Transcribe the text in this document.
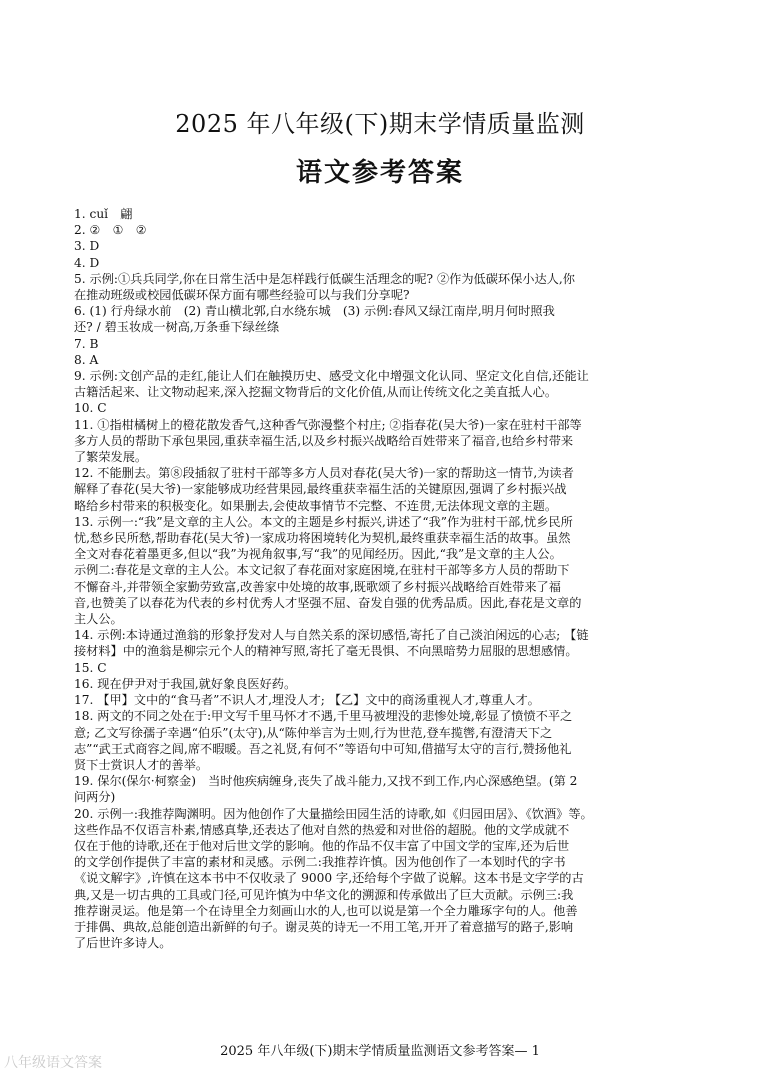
2025 年八年级(下)期末学情质量监测
语文参考答案
1. cuǐ　翩
2. ②　①　②
3. D
4. D
5. 示例:①兵兵同学,你在日常生活中是怎样践行低碳生活理念的呢? ②作为低碳环保小达人,你
在推动班级或校园低碳环保方面有哪些经验可以与我们分享呢?
6. (1) 行舟绿水前　(2) 青山横北郭,白水绕东城　(3) 示例:春风又绿江南岸,明月何时照我
还? / 碧玉妆成一树高,万条垂下绿丝绦
7. B
8. A
9. 示例:文创产品的走红,能让人们在触摸历史、感受文化中增强文化认同、坚定文化自信,还能让
古籍活起来、让文物动起来,深入挖掘文物背后的文化价值,从而让传统文化之美直抵人心。
10. C
11. ①指柑橘树上的橙花散发香气,这种香气弥漫整个村庄; ②指春花(吴大爷)一家在驻村干部等
多方人员的帮助下承包果园,重获幸福生活,以及乡村振兴战略给百姓带来了福音,也给乡村带来
了繁荣发展。
12. 不能删去。第⑧段插叙了驻村干部等多方人员对春花(吴大爷)一家的帮助这一情节,为读者
解释了春花(吴大爷)一家能够成功经营果园,最终重获幸福生活的关键原因,强调了乡村振兴战
略给乡村带来的积极变化。如果删去,会使故事情节不完整、不连贯,无法体现文章的主题。
13. 示例一:“我”是文章的主人公。本文的主题是乡村振兴,讲述了“我”作为驻村干部,忧乡民所
忧,愁乡民所愁,帮助春花(吴大爷)一家成功将困境转化为契机,最终重获幸福生活的故事。虽然
全文对春花着墨更多,但以“我”为视角叙事,写“我”的见闻经历。因此,“我”是文章的主人公。
示例二:春花是文章的主人公。本文记叙了春花面对家庭困境,在驻村干部等多方人员的帮助下
不懈奋斗,并带领全家勤劳致富,改善家中处境的故事,既歌颂了乡村振兴战略给百姓带来了福
音,也赞美了以春花为代表的乡村优秀人才坚强不屈、奋发自强的优秀品质。因此,春花是文章的
主人公。
14. 示例:本诗通过渔翁的形象抒发对人与自然关系的深切感悟,寄托了自己淡泊闲远的心志; 【链
接材料】中的渔翁是柳宗元个人的精神写照,寄托了毫无畏惧、不向黑暗势力屈服的思想感情。
15. C
16. 现在伊尹对于我国,就好象良医好药。
17. 【甲】文中的“食马者”不识人才,埋没人才; 【乙】文中的商汤重视人才,尊重人才。
18. 两文的不同之处在于:甲文写千里马怀才不遇,千里马被埋没的悲惨处境,彰显了愤愤不平之
意; 乙文写徐孺子幸遇“伯乐”(太守),从“陈仲举言为士则,行为世范,登车揽辔,有澄清天下之
志”“武王式商容之闾,席不暇暖。吾之礼贤,有何不”等语句中可知,借描写太守的言行,赞扬他礼
贤下士赏识人才的善举。
19. 保尔(保尔·柯察金)　当时他疾病缠身,丧失了战斗能力,又找不到工作,内心深感绝望。(第 2
问两分)
20. 示例一:我推荐陶渊明。因为他创作了大量描绘田园生活的诗歌,如《归园田居》、《饮酒》等。
这些作品不仅语言朴素,情感真挚,还表达了他对自然的热爱和对世俗的超脱。他的文学成就不
仅在于他的诗歌,还在于他对后世文学的影响。他的作品不仅丰富了中国文学的宝库,还为后世
的文学创作提供了丰富的素材和灵感。示例二:我推荐许慎。因为他创作了一本划时代的字书
《说文解字》,许慎在这本书中不仅收录了 9000 字,还给每个字做了说解。这本书是文字学的古
典,又是一切古典的工具或门径,可见许慎为中华文化的溯源和传承做出了巨大贡献。示例三:我
推荐谢灵运。他是第一个在诗里全力刻画山水的人,也可以说是第一个全力雕琢字句的人。他善
于排偶、典故,总能创造出新鲜的句子。谢灵英的诗无一不用工笔,开开了着意描写的路子,影响
了后世许多诗人。
2025 年八年级(下)期末学情质量监测语文参考答案— 1
八年级语文答案
